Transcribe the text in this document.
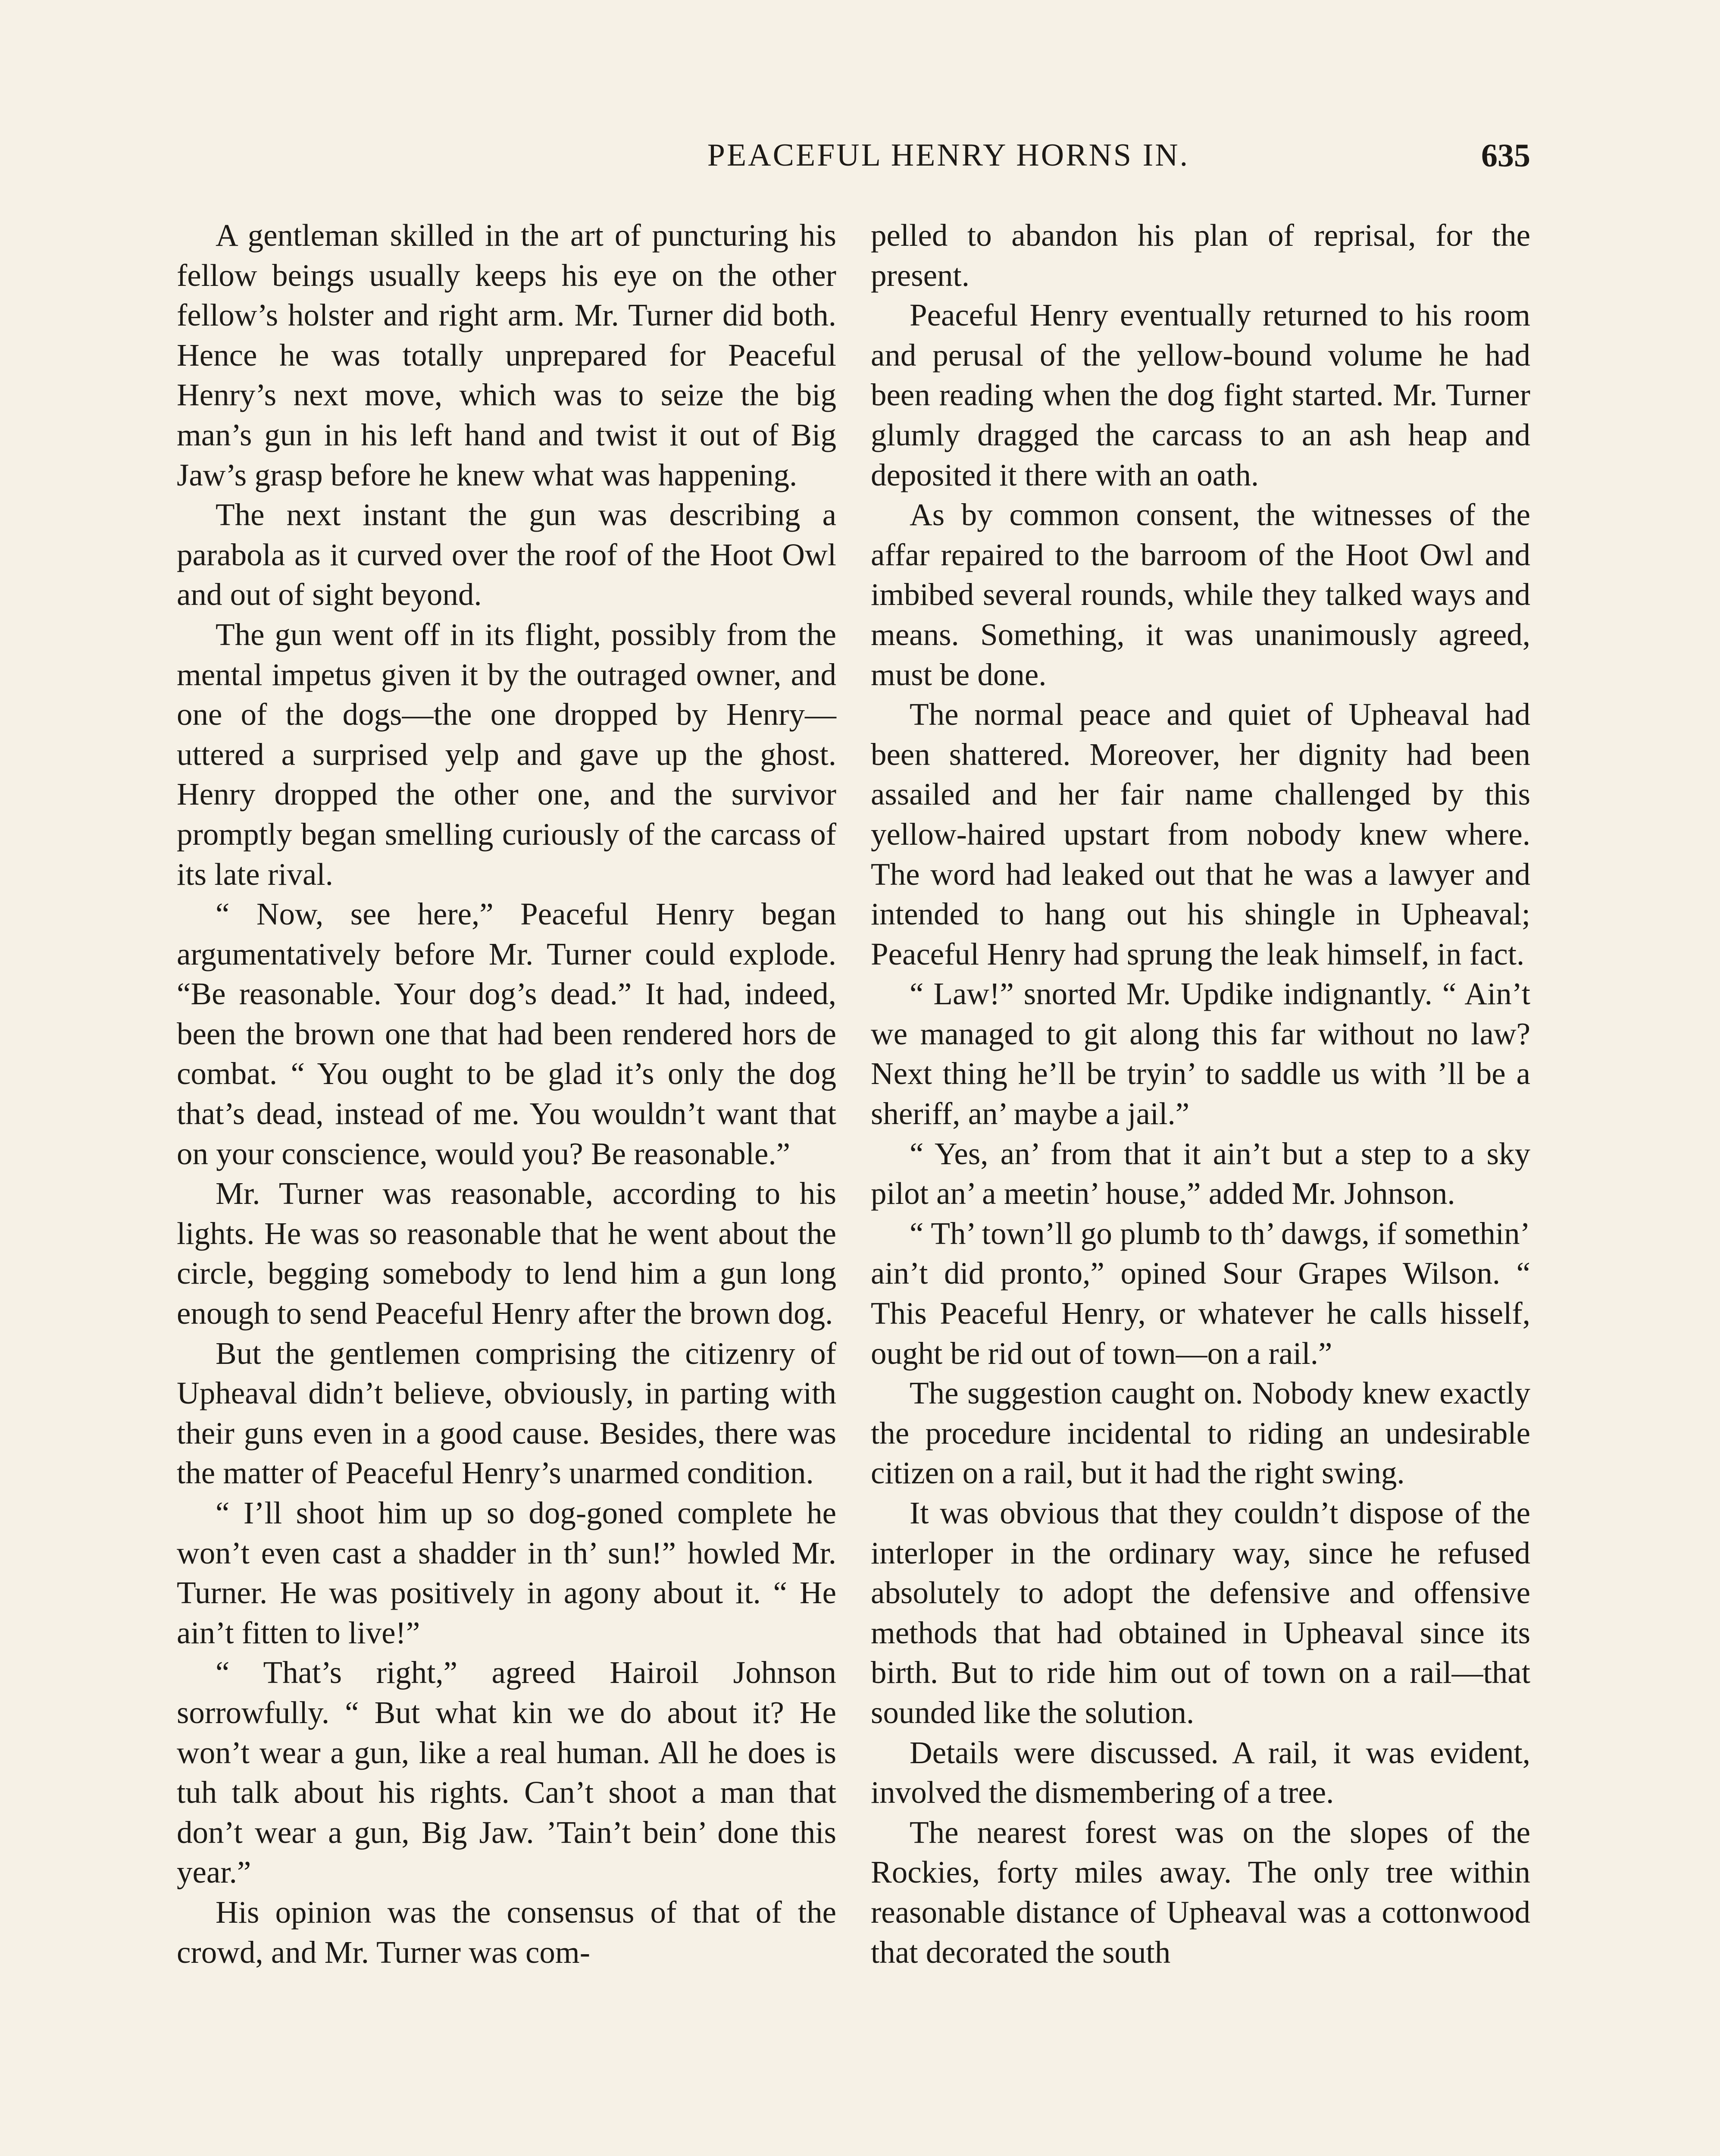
PEACEFUL HENRY HORNS IN.	635

A gentleman skilled in the art of puncturing his fellow beings usually keeps his eye on the other fellow’s holster and right arm. Mr. Turner did both. Hence he was totally unprepared for Peaceful Henry’s next move, which was to seize the big man’s gun in his left hand and twist it out of Big Jaw’s grasp before he knew what was happening.

The next instant the gun was describing a parabola as it curved over the roof of the Hoot Owl and out of sight beyond.

The gun went off in its flight, possibly from the mental impetus given it by the outraged owner, and one of the dogs—the one dropped by Henry—uttered a surprised yelp and gave up the ghost. Henry dropped the other one, and the survivor promptly began smelling curiously of the carcass of its late rival.

“ Now, see here,” Peaceful Henry began argumentatively before Mr. Turner could explode. “Be reasonable. Your dog’s dead.” It had, indeed, been the brown one that had been rendered hors de combat. “ You ought to be glad it’s only the dog that’s dead, instead of me. You wouldn’t want that on your conscience, would you? Be reasonable.”

Mr. Turner was reasonable, according to his lights. He was so reasonable that he went about the circle, begging somebody to lend him a gun long enough to send Peaceful Henry after the brown dog.

But the gentlemen comprising the citizenry of Upheaval didn’t believe, obviously, in parting with their guns even in a good cause. Besides, there was the matter of Peaceful Henry’s unarmed condition.

“ I’ll shoot him up so dog-goned complete he won’t even cast a shadder in th’ sun!” howled Mr. Turner. He was positively in agony about it. “ He ain’t fitten to live!”

“ That’s right,” agreed Hairoil Johnson sorrowfully. “ But what kin we do about it? He won’t wear a gun, like a real human. All he does is tuh talk about his rights. Can’t shoot a man that don’t wear a gun, Big Jaw. ’Tain’t bein’ done this year.”

His opinion was the consensus of that of the crowd, and Mr. Turner was com-

pelled to abandon his plan of reprisal, for the present.

Peaceful Henry eventually returned to his room and perusal of the yellow-bound volume he had been reading when the dog fight started. Mr. Turner glumly dragged the carcass to an ash heap and deposited it there with an oath.

As by common consent, the witnesses of the affar repaired to the barroom of the Hoot Owl and imbibed several rounds, while they talked ways and means. Something, it was unanimously agreed, must be done.

The normal peace and quiet of Upheaval had been shattered. Moreover, her dignity had been assailed and her fair name challenged by this yellow-haired upstart from nobody knew where. The word had leaked out that he was a lawyer and intended to hang out his shingle in Upheaval; Peaceful Henry had sprung the leak himself, in fact.

“ Law!” snorted Mr. Updike indignantly. “ Ain’t we managed to git along this far without no law? Next thing he’ll be tryin’ to saddle us with ’ll be a sheriff, an’ maybe a jail.”

“ Yes, an’ from that it ain’t but a step to a sky pilot an’ a meetin’ house,” added Mr. Johnson.

“ Th’ town’ll go plumb to th’ dawgs, if somethin’ ain’t did pronto,” opined Sour Grapes Wilson. “ This Peaceful Henry, or whatever he calls hisself, ought be rid out of town—on a rail.”

The suggestion caught on. Nobody knew exactly the procedure incidental to riding an undesirable citizen on a rail, but it had the right swing.

It was obvious that they couldn’t dispose of the interloper in the ordinary way, since he refused absolutely to adopt the defensive and offensive methods that had obtained in Upheaval since its birth. But to ride him out of town on a rail—that sounded like the solution.

Details were discussed. A rail, it was evident, involved the dismembering of a tree.

The nearest forest was on the slopes of the Rockies, forty miles away. The only tree within reasonable distance of Upheaval was a cottonwood that decorated the south
